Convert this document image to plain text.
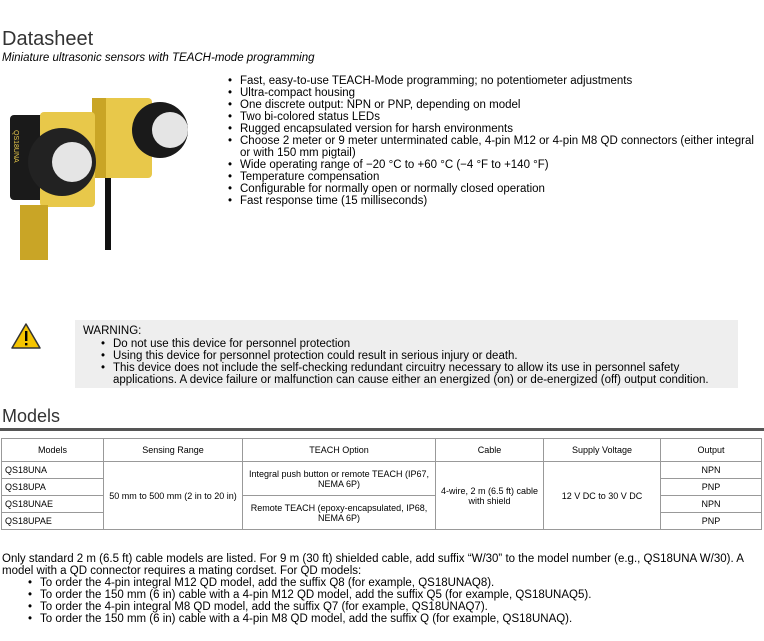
Datasheet
Miniature ultrasonic sensors with TEACH-mode programming
QS18UNA
• Fast, easy-to-use TEACH-Mode programming; no potentiometer adjustments
• Ultra-compact housing
• One discrete output: NPN or PNP, depending on model
• Two bi-colored status LEDs
• Rugged encapsulated version for harsh environments
• Choose 2 meter or 9 meter unterminated cable, 4-pin M12 or 4-pin M8 QD connectors (either integral or with 150 mm pigtail)
• Wide operating range of −20 °C to +60 °C (−4 °F to +140 °F)
• Temperature compensation
• Configurable for normally open or normally closed operation
• Fast response time (15 milliseconds)
WARNING:
• Do not use this device for personnel protection
• Using this device for personnel protection could result in serious injury or death.
• This device does not include the self-checking redundant circuitry necessary to allow its use in personnel safety applications. A device failure or malfunction can cause either an energized (on) or de-energized (off) output condition.
Models
Models	Sensing Range	TEACH Option	Cable	Supply Voltage	Output
QS18UNA	50 mm to 500 mm (2 in to 20 in)	Integral push button or remote TEACH (IP67, NEMA 6P)	4-wire, 2 m (6.5 ft) cable with shield	12 V DC to 30 V DC	NPN
QS18UPA					PNP
QS18UNAE		Remote TEACH (epoxy-encapsulated, IP68, NEMA 6P)			NPN
QS18UPAE					PNP
Only standard 2 m (6.5 ft) cable models are listed. For 9 m (30 ft) shielded cable, add suffix “W/30” to the model number (e.g., QS18UNA W/30). A model with a QD connector requires a mating cordset. For QD models:
• To order the 4-pin integral M12 QD model, add the suffix Q8 (for example, QS18UNAQ8).
• To order the 150 mm (6 in) cable with a 4-pin M12 QD model, add the suffix Q5 (for example, QS18UNAQ5).
• To order the 4-pin integral M8 QD model, add the suffix Q7 (for example, QS18UNAQ7).
• To order the 150 mm (6 in) cable with a 4-pin M8 QD model, add the suffix Q (for example, QS18UNAQ).
